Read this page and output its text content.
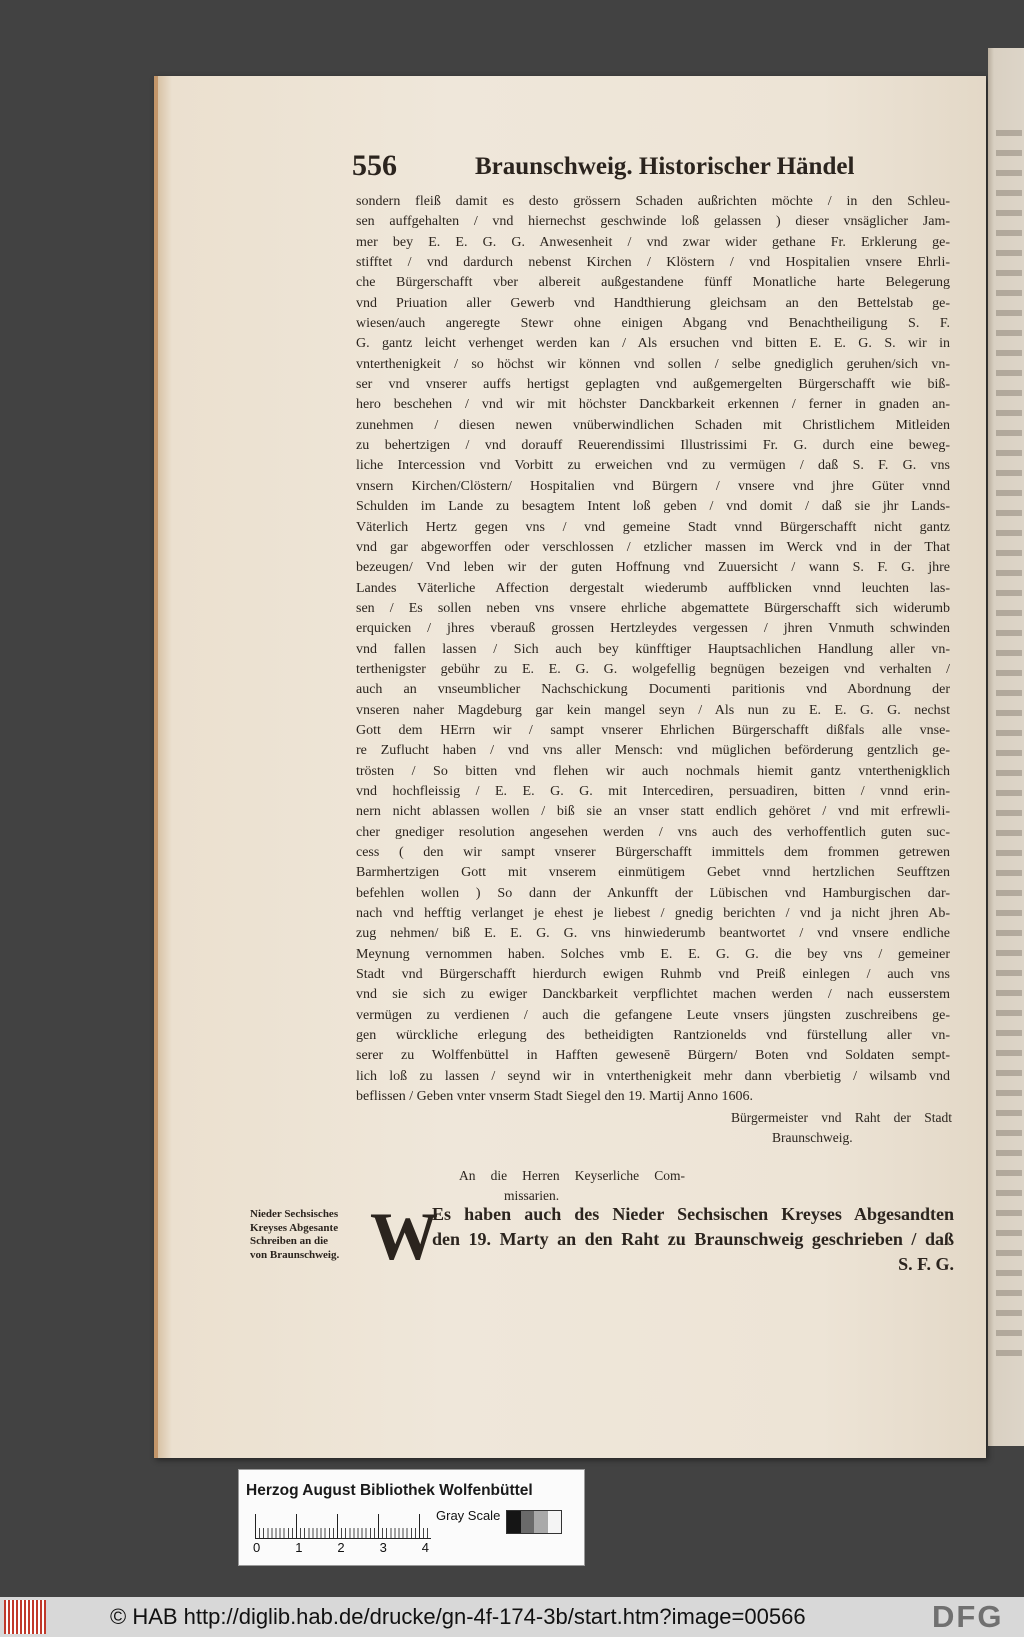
556	Braunschweig. Historischer Händel
sondern fleiß damit es desto grössern Schaden außrichten möchte / in den Schleu-
sen auffgehalten / vnd hiernechst geschwinde loß gelassen ) dieser vnsäglicher Jam-
mer bey E. E. G. G. Anwesenheit / vnd zwar wider gethane Fr. Erklerung ge-
stifftet / vnd dardurch nebenst Kirchen / Klöstern / vnd Hospitalien vnsere Ehrli-
che Bürgerschafft vber albereit außgestandene fünff Monatliche harte Belegerung
vnd Priuation aller Gewerb vnd Handthierung gleichsam an den Bettelstab ge-
wiesen/auch angeregte Stewr ohne einigen Abgang vnd Benachtheiligung S. F.
G. gantz leicht verhenget werden kan / Als ersuchen vnd bitten E. E. G. S. wir in
vnterthenigkeit / so höchst wir können vnd sollen / selbe gnediglich geruhen/sich vn-
ser vnd vnserer auffs hertigst geplagten vnd außgemergelten Bürgerschafft wie biß-
hero beschehen / vnd wir mit höchster Danckbarkeit erkennen / ferner in gnaden an-
zunehmen / diesen newen vnüberwindlichen Schaden mit Christlichem Mitleiden
zu behertzigen / vnd dorauff Reuerendissimi Illustrissimi Fr. G. durch eine beweg-
liche Intercession vnd Vorbitt zu erweichen vnd zu vermügen / daß S. F. G. vns
vnsern Kirchen/Clöstern/ Hospitalien vnd Bürgern / vnsere vnd jhre Güter vnnd
Schulden im Lande zu besagtem Intent loß geben / vnd domit / daß sie jhr Lands-
Väterlich Hertz gegen vns / vnd gemeine Stadt vnnd Bürgerschafft nicht gantz
vnd gar abgeworffen oder verschlossen / etzlicher massen im Werck vnd in der That
bezeugen/ Vnd leben wir der guten Hoffnung vnd Zuuersicht / wann S. F. G. jhre
Landes Väterliche Affection dergestalt wiederumb auffblicken vnnd leuchten las-
sen / Es sollen neben vns vnsere ehrliche abgemattete Bürgerschafft sich widerumb
erquicken / jhres vberauß grossen Hertzleydes vergessen / jhren Vnmuth schwinden
vnd fallen lassen / Sich auch bey künfftiger Hauptsachlichen Handlung aller vn-
terthenigster gebühr zu E. E. G. G. wolgefellig begnügen bezeigen vnd verhalten /
auch an vnseumblicher Nachschickung Documenti paritionis vnd Abordnung der
vnseren naher Magdeburg gar kein mangel seyn / Als nun zu E. E. G. G. nechst
Gott dem HErrn wir / sampt vnserer Ehrlichen Bürgerschafft dißfals alle vnse-
re Zuflucht haben / vnd vns aller Mensch: vnd müglichen beförderung gentzlich ge-
trösten / So bitten vnd flehen wir auch nochmals hiemit gantz vnterthenigklich
vnd hochfleissig / E. E. G. G. mit Intercediren, persuadiren, bitten / vnnd erin-
nern nicht ablassen wollen / biß sie an vnser statt endlich gehöret / vnd mit erfrewli-
cher gnediger resolution angesehen werden / vns auch des verhoffentlich guten suc-
cess ( den wir sampt vnserer Bürgerschafft immittels dem frommen getrewen
Barmhertzigen Gott mit vnserem einmütigem Gebet vnnd hertzlichen Seufftzen
befehlen wollen ) So dann der Ankunfft der Lübischen vnd Hamburgischen dar-
nach vnd hefftig verlanget je ehest je liebest / gnedig berichten / vnd ja nicht jhren Ab-
zug nehmen/ biß E. E. G. G. vns hinwiederumb beantwortet / vnd vnsere endliche
Meynung vernommen haben. Solches vmb E. E. G. G. die bey vns / gemeiner
Stadt vnd Bürgerschafft hierdurch ewigen Ruhmb vnd Preiß einlegen / auch vns
vnd sie sich zu ewiger Danckbarkeit verpflichtet machen werden / nach eusserstem
vermügen zu verdienen / auch die gefangene Leute vnsers jüngsten zuschreibens ge-
gen würckliche erlegung des betheidigten Rantzionelds vnd fürstellung aller vn-
serer zu Wolffenbüttel in Hafften gewesenē Bürgern/ Boten vnd Soldaten sempt-
lich loß zu lassen / seynd wir in vnterthenigkeit mehr dann vberbietig / wilsamb vnd
beflissen / Geben vnter vnserm Stadt Siegel den 19. Martij Anno 1606.
Bürgermeister vnd Raht der Stadt
Braunschweig.
An die Herren Keyserliche Com-
missarien.
Nieder Sechsisches
Kreyses Abgesante
Schreiben an die
von Braunschweig. W
Es haben auch des Nieder Sechsischen Kreyses Abgesandten
den 19. Marty an den Raht zu Braunschweig geschrieben / daß
S. F. G.
Herzog August Bibliothek Wolfenbüttel
0	1	2	3	4
Gray Scale
© HAB http://diglib.hab.de/drucke/gn-4f-174-3b/start.htm?image=00566	DFG
